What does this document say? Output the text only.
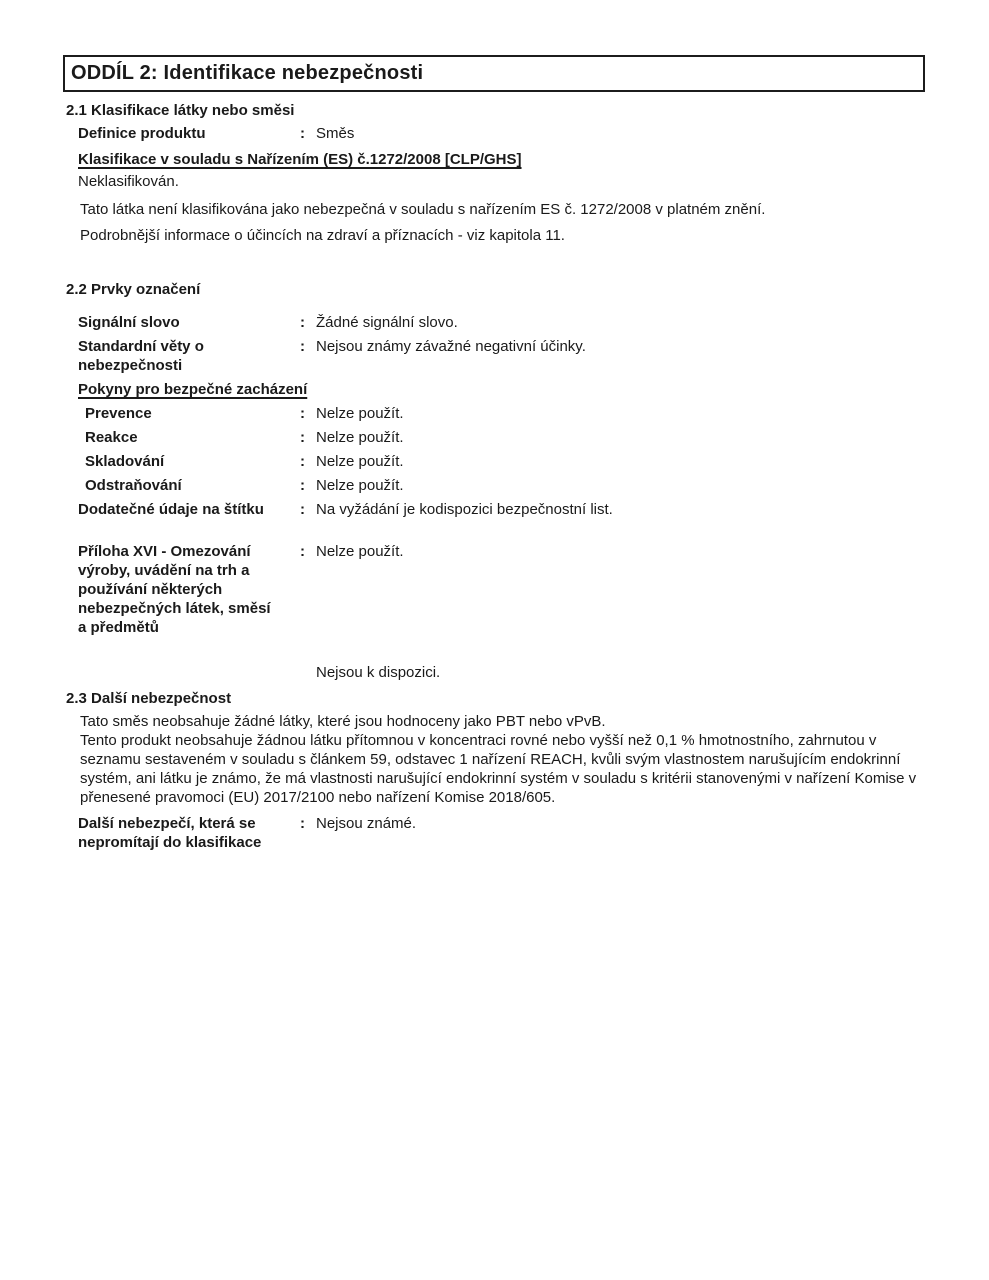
ODDÍL 2: Identifikace nebezpečnosti
2.1 Klasifikace látky nebo směsi
Definice produktu	: Směs
Klasifikace v souladu s Nařízením (ES) č.1272/2008 [CLP/GHS]
Neklasifikován.
Tato látka není klasifikována jako nebezpečná v souladu s nařízením ES č. 1272/2008 v platném znění.
Podrobnější informace o účincích na zdraví a příznacích - viz kapitola 11.
2.2 Prvky označení
Signální slovo	: Žádné signální slovo.
Standardní věty o nebezpečnosti
: Nejsou známy závažné negativní účinky.
Pokyny pro bezpečné zacházení
Prevence	: Nelze použít.
Reakce	: Nelze použít.
Skladování	: Nelze použít.
Odstraňování	: Nelze použít.
Dodatečné údaje na štítku	: Na vyžádání je kodispozici bezpečnostní list.
Příloha XVI - Omezování výroby, uvádění na trh a používání některých nebezpečných látek, směsí a předmětů
: Nelze použít.
Nejsou k dispozici.
2.3 Další nebezpečnost
Tato směs neobsahuje žádné látky, které jsou hodnoceny jako PBT nebo vPvB.
Tento produkt neobsahuje žádnou látku přítomnou v koncentraci rovné nebo vyšší než 0,1 % hmotnostního, zahrnutou v seznamu sestaveném v souladu s článkem 59, odstavec 1 nařízení REACH, kvůli svým vlastnostem narušujícím endokrinní systém, ani látku je známo, že má vlastnosti narušující endokrinní systém v souladu s kritérii stanovenými v nařízení Komise v přenesené pravomoci (EU) 2017/2100 nebo nařízení Komise 2018/605.
Další nebezpečí, která se nepromítají do klasifikace
: Nejsou známé.
